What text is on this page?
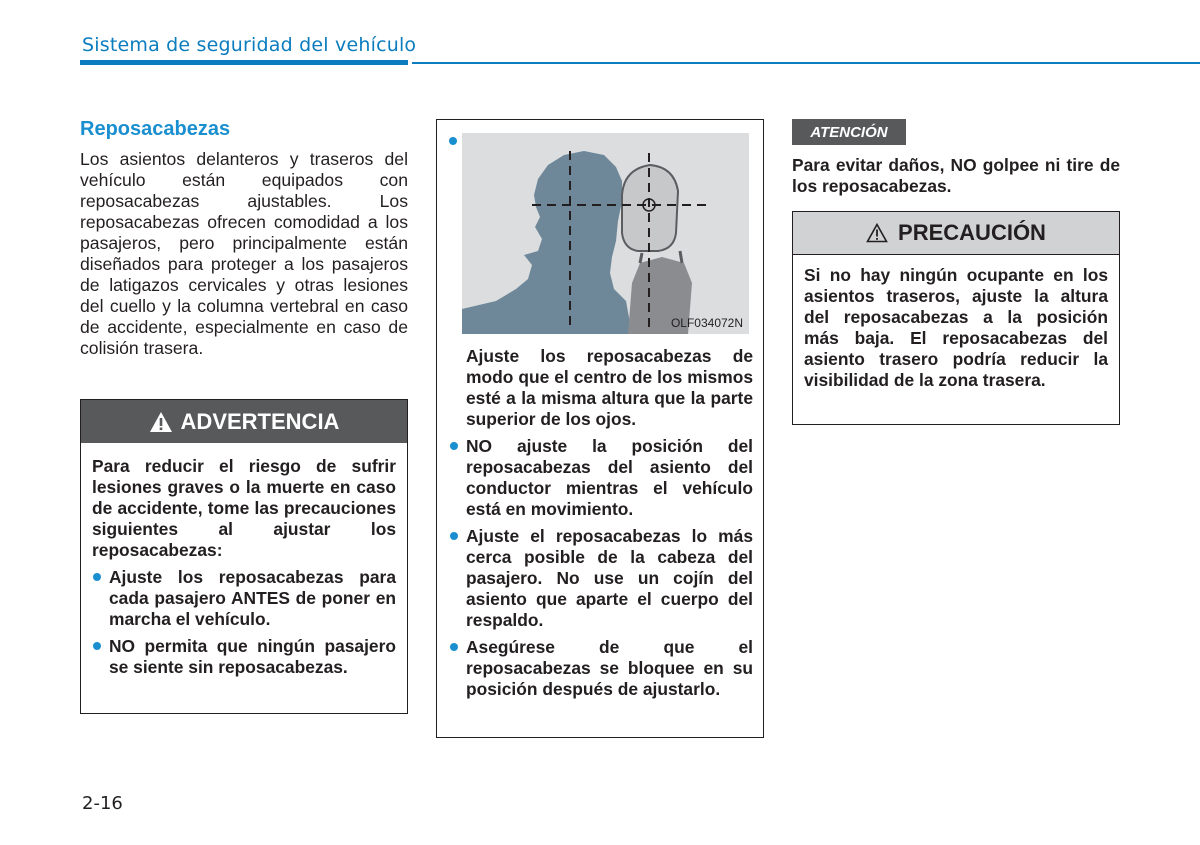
Sistema de seguridad del vehículo
Reposacabezas

Los asientos delanteros y traseros del vehículo están equipados con reposacabezas ajustables. Los reposacabezas ofrecen comodidad a los pasajeros, pero principalmente están diseñados para proteger a los pasajeros de latigazos cervicales y otras lesiones del cuello y la columna vertebral en caso de accidente, especialmente en caso de colisión trasera.

ADVERTENCIA

Para reducir el riesgo de sufrir lesiones graves o la muerte en caso de accidente, tome las precauciones siguientes al ajustar los reposacabezas:

Ajuste los reposacabezas para cada pasajero ANTES de poner en marcha el vehículo.
NO permita que ningún pasajero se siente sin reposacabezas.
OLF034072N

Ajuste los reposacabezas de modo que el centro de los mismos esté a la misma altura que la parte superior de los ojos.

NO ajuste la posición del reposacabezas del asiento del conductor mientras el vehículo está en movimiento.
Ajuste el reposacabezas lo más cerca posible de la cabeza del pasajero. No use un cojín del asiento que aparte el cuerpo del respaldo.
Asegúrese de que el reposacabezas se bloquee en su posición después de ajustarlo.
ATENCIÓN

Para evitar daños, NO golpee ni tire de los reposacabezas.

PRECAUCIÓN

Si no hay ningún ocupante en los asientos traseros, ajuste la altura del reposacabezas a la posición más baja. El reposacabezas del asiento trasero podría reducir la visibilidad de la zona trasera.

2-16
